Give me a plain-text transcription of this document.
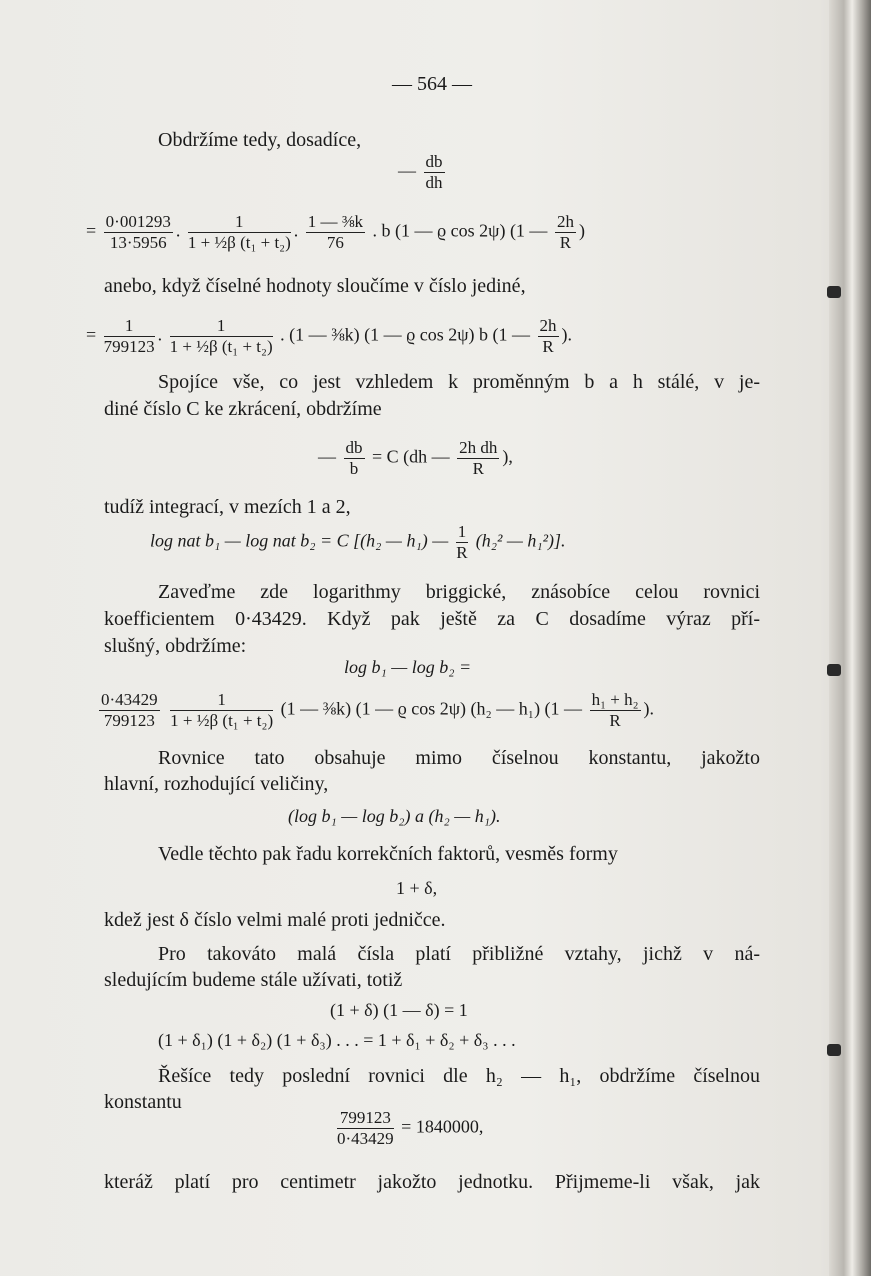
— 564 —
Obdržíme tedy, dosadíce,
— $\frac{db}{dh}$
= $\frac{0\cdot 001293}{13\cdot 5956}$ . $\frac{1}{\text{1 + ½β (t₁ + t₂)}}$ . $\frac{\text{1 — ⅜k}}{76}$ . b (1 — ϱ cos 2ψ) (1 — $\frac{2h}{R}$ )
anebo, když číselné hodnoty sloučíme v číslo jediné,
= $\frac{1}{799123}$ . $\frac{1}{\text{1 + ½β (t₁ + t₂)}}$ . (1 — ⅜k) (1 — ϱ cos 2ψ) b (1 — $\frac{2h}{R}$ ).
Spojíce vše, co jest vzhledem k proměnným b a h stálé, v je-
diné číslo C ke zkrácení, obdržíme
— $\frac{db}{b} = C$ (dh — $\frac{\text{2h dh}}{R}$ ),
tudíž integrací, v mezích 1 a 2,
log nat b₁ — log nat b₂ = C [(h₂ — h₁) — $\frac{1}{R} (h_2^2$ — h₁²)].
Zaveďme zde logarithmy briggické, znásobíce celou rovnici
koefficientem 0·43429. Když pak ještě za C dosadíme výraz pří-
slušný, obdržíme:
log b₁ — log b₂ =
$\frac{0\cdot 43429}{799123}$
$\frac{1}{\text{1 + ½β (t₁ + t₂)}} (1$ — ⅜k) (1 — ϱ cos 2ψ) (h₂ — h₁) (1 — $\frac{\text{h₁ + h₂}}{R}$ ).
Rovnice tato obsahuje mimo číselnou konstantu, jakožto
hlavní, rozhodující veličiny,
(log b₁ — log b₂) a (h₂ — h₁).
Vedle těchto pak řadu korrekčních faktorů, vesměs formy
1 + δ,
kdež jest δ číslo velmi malé proti jedničce.
Pro takováto malá čísla platí přibližné vztahy, jichž v ná-
sledujícím budeme stále užívati, totiž
(1 + δ) (1 — δ) = 1
(1 + δ₁) (1 + δ₂) (1 + δ₃) . . . = 1 + δ₁ + δ₂ + δ₃ . . .
Řešíce tedy poslední rovnici dle h₂ — h₁, obdržíme číselnou
konstantu
$\frac{799123}{0\cdot 43429} = 1840000$,
kteráž platí pro centimetr jakožto jednotku. Přijmeme-li však, jak
